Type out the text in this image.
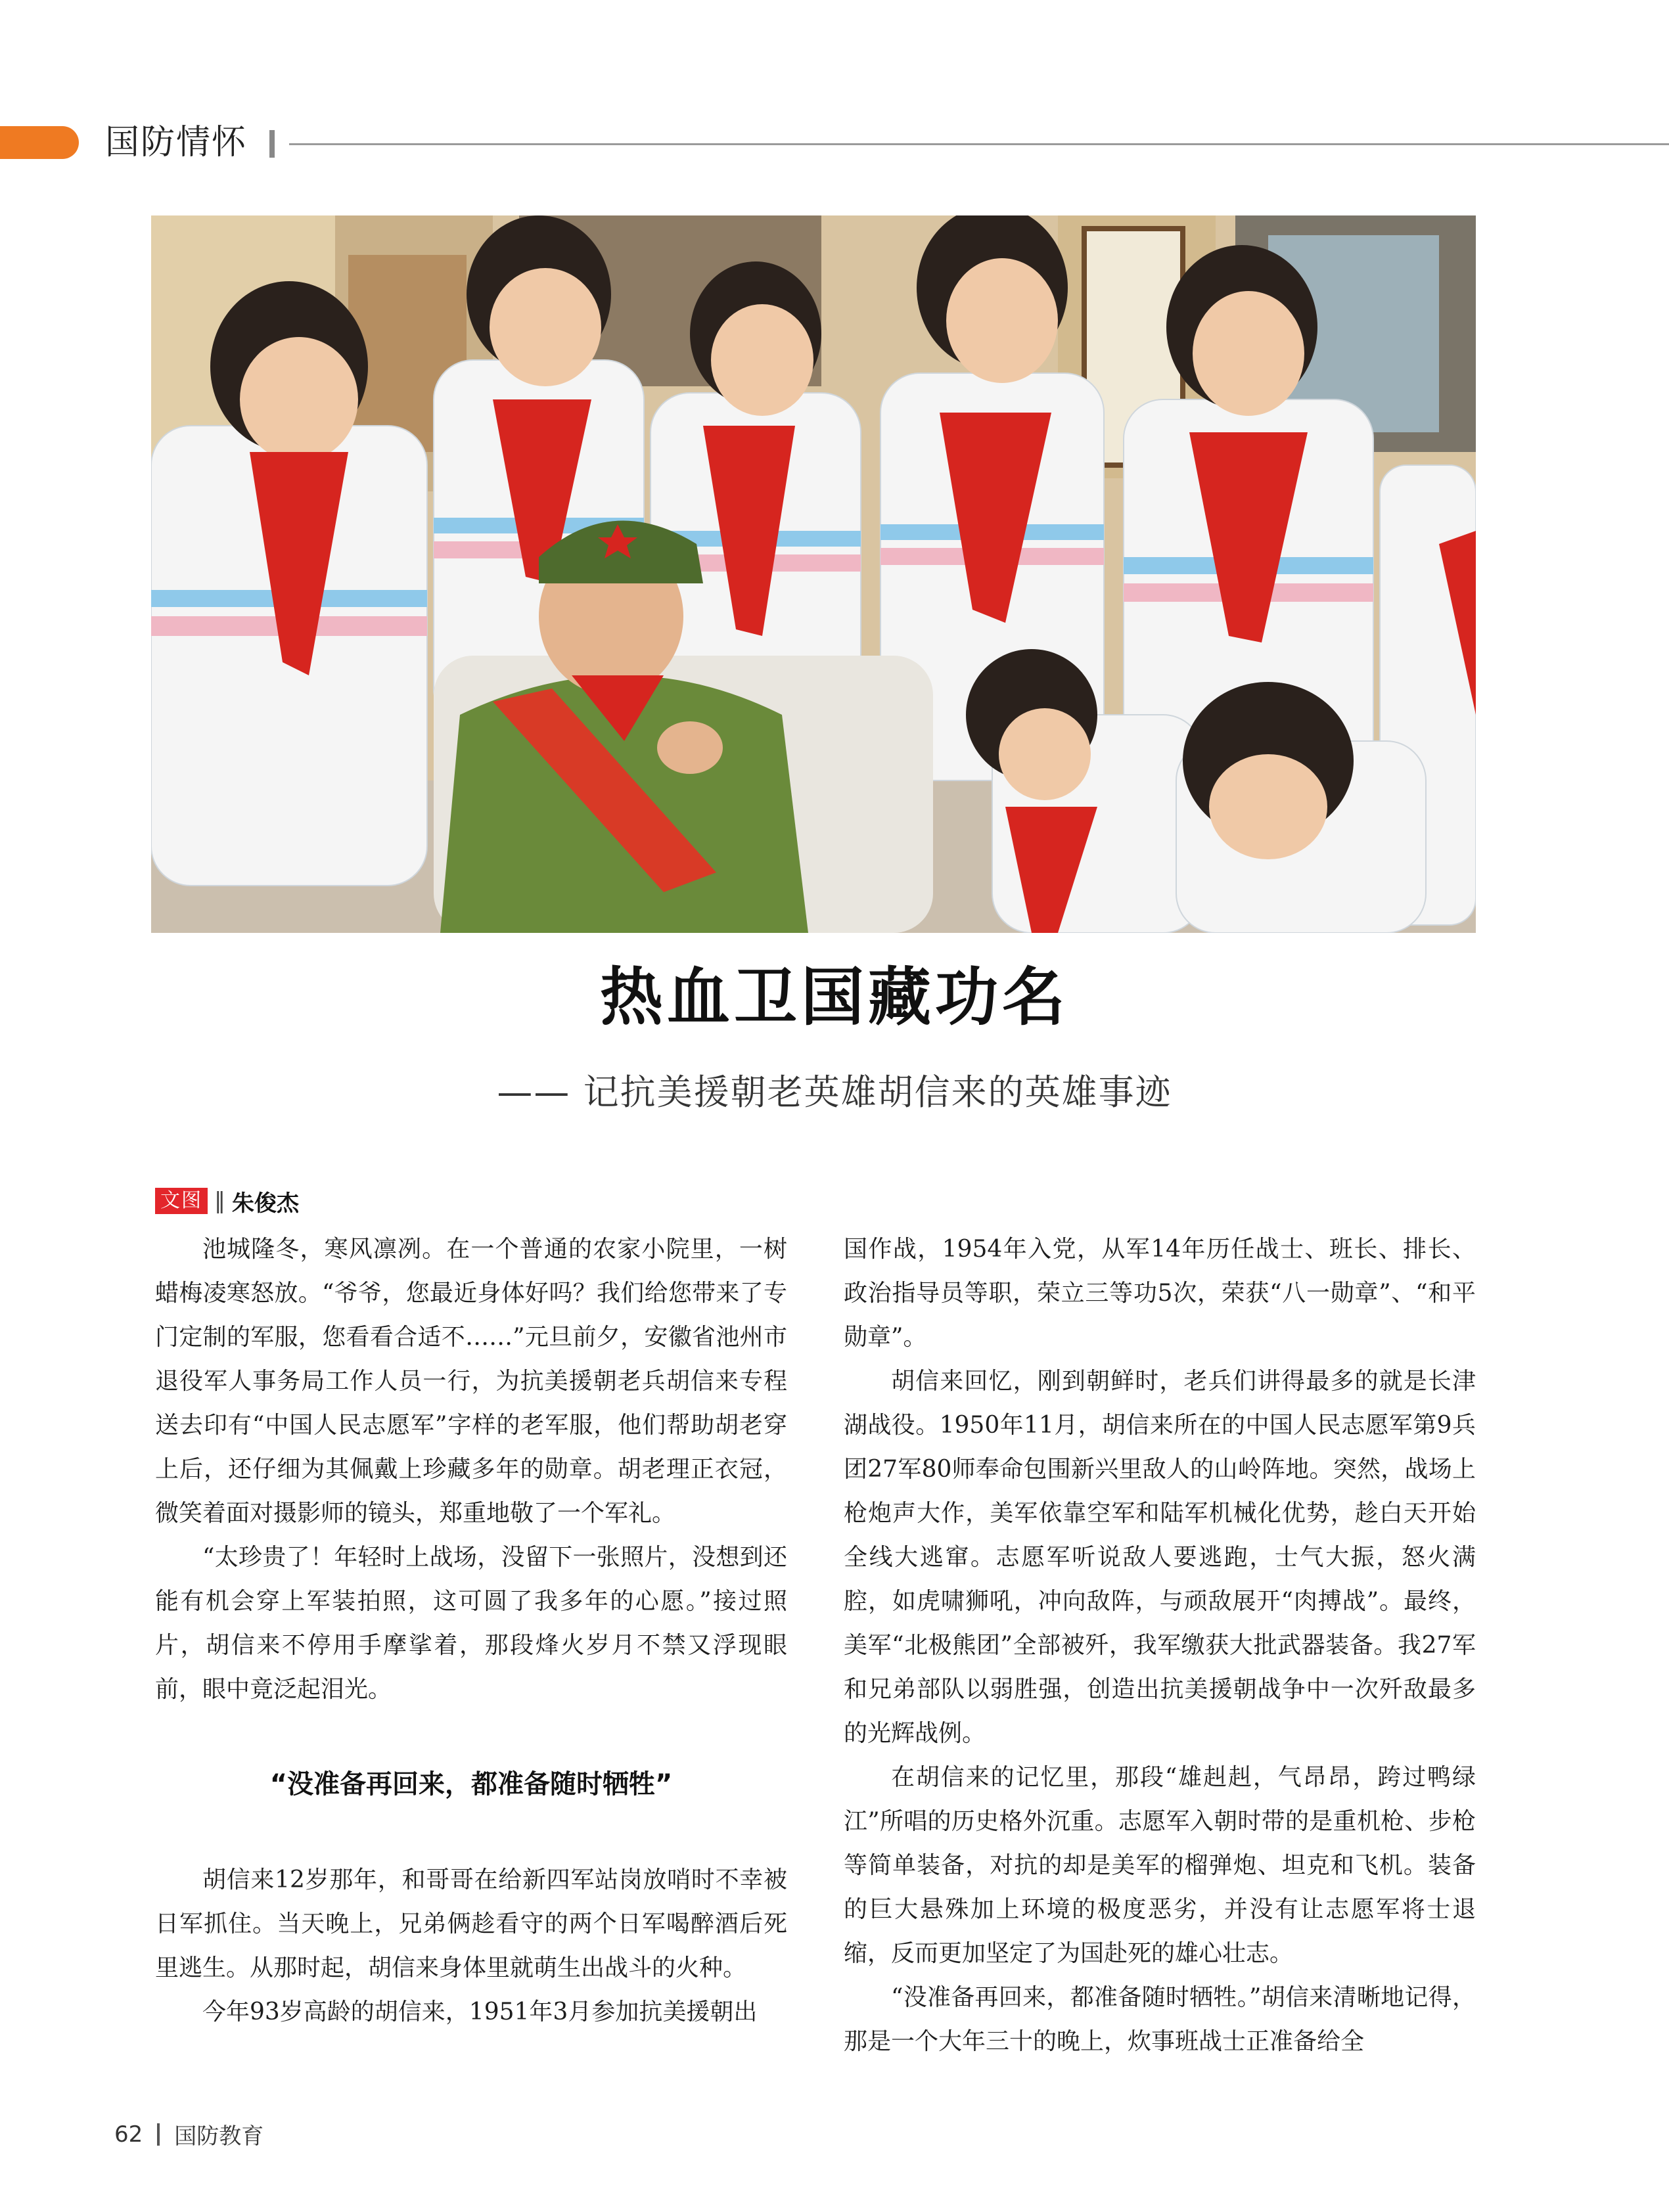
国防情怀
热血卫国藏功名
—— 记抗美援朝老英雄胡信来的英雄事迹
文图 ‖ 朱俊杰

池城隆冬，寒风凛冽。在一个普通的农家小院里，一树蜡梅凌寒怒放。“爷爷，您最近身体好吗？我们给您带来了专门定制的军服，您看看合适不……”元旦前夕，安徽省池州市退役军人事务局工作人员一行，为抗美援朝老兵胡信来专程送去印有“中国人民志愿军”字样的老军服，他们帮助胡老穿上后，还仔细为其佩戴上珍藏多年的勋章。胡老理正衣冠，微笑着面对摄影师的镜头，郑重地敬了一个军礼。

“太珍贵了！年轻时上战场，没留下一张照片，没想到还能有机会穿上军装拍照，这可圆了我多年的心愿。”接过照片，胡信来不停用手摩挲着，那段烽火岁月不禁又浮现眼前，眼中竟泛起泪光。

“没准备再回来，都准备随时牺牲”

胡信来12岁那年，和哥哥在给新四军站岗放哨时不幸被日军抓住。当天晚上，兄弟俩趁看守的两个日军喝醉酒后死里逃生。从那时起，胡信来身体里就萌生出战斗的火种。

今年93岁高龄的胡信来，1951年3月参加抗美援朝出

国作战，1954年入党，从军14年历任战士、班长、排长、政治指导员等职，荣立三等功5次，荣获“八一勋章”、“和平勋章”。

胡信来回忆，刚到朝鲜时，老兵们讲得最多的就是长津湖战役。1950年11月，胡信来所在的中国人民志愿军第9兵团27军80师奉命包围新兴里敌人的山岭阵地。突然，战场上枪炮声大作，美军依靠空军和陆军机械化优势，趁白天开始全线大逃窜。志愿军听说敌人要逃跑，士气大振，怒火满腔，如虎啸狮吼，冲向敌阵，与顽敌展开“肉搏战”。最终，美军“北极熊团”全部被歼，我军缴获大批武器装备。我27军和兄弟部队以弱胜强，创造出抗美援朝战争中一次歼敌最多的光辉战例。

在胡信来的记忆里，那段“雄赳赳，气昂昂，跨过鸭绿江”所唱的历史格外沉重。志愿军入朝时带的是重机枪、步枪等简单装备，对抗的却是美军的榴弹炮、坦克和飞机。装备的巨大悬殊加上环境的极度恶劣，并没有让志愿军将士退缩，反而更加坚定了为国赴死的雄心壮志。

“没准备再回来，都准备随时牺牲。”胡信来清晰地记得，那是一个大年三十的晚上，炊事班战士正准备给全

62 国防教育
